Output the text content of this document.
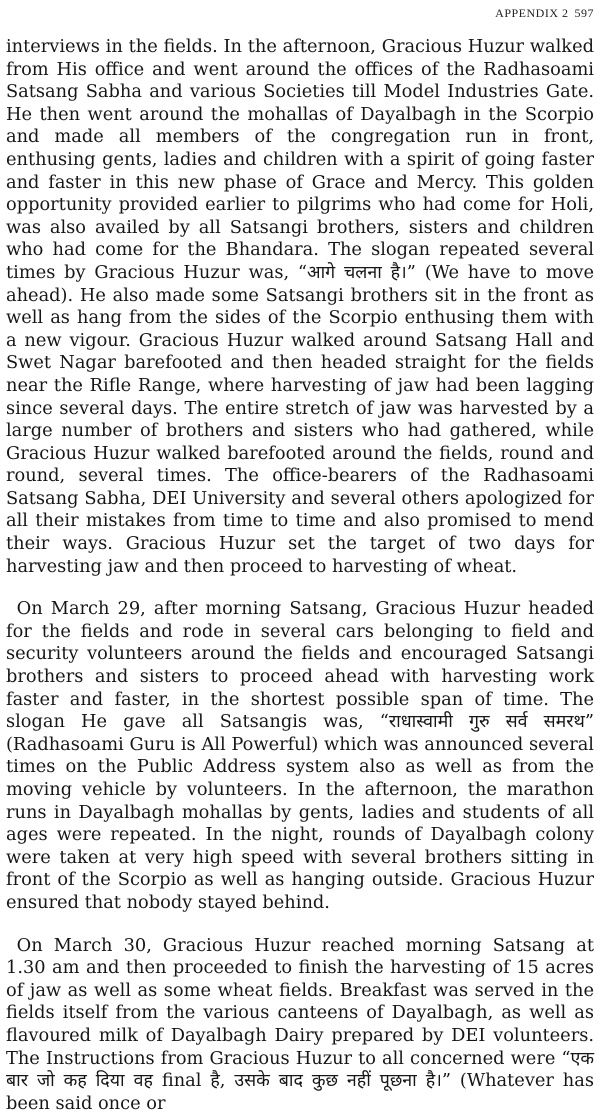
APPENDIX 2 597

interviews in the fields. In the afternoon, Gracious Huzur walked from His office and went around the offices of the Radhasoami Satsang Sabha and various Societies till Model Industries Gate. He then went around the mohallas of Dayalbagh in the Scorpio and made all members of the congregation run in front, enthusing gents, ladies and children with a spirit of going faster and faster in this new phase of Grace and Mercy. This golden opportunity provided earlier to pilgrims who had come for Holi, was also availed by all Satsangi brothers, sisters and children who had come for the Bhandara. The slogan repeated several times by Gracious Huzur was, “आगे चलना है।” (We have to move ahead). He also made some Satsangi brothers sit in the front as well as hang from the sides of the Scorpio enthusing them with a new vigour. Gracious Huzur walked around Satsang Hall and Swet Nagar barefooted and then headed straight for the fields near the Rifle Range, where harvesting of jaw had been lagging since several days. The entire stretch of jaw was harvested by a large number of brothers and sisters who had gathered, while Gracious Huzur walked barefooted around the fields, round and round, several times. The office-bearers of the Radhasoami Satsang Sabha, DEI University and several others apologized for all their mistakes from time to time and also promised to mend their ways. Gracious Huzur set the target of two days for harvesting jaw and then proceed to harvesting of wheat.

On March 29, after morning Satsang, Gracious Huzur headed for the fields and rode in several cars belonging to field and security volunteers around the fields and encouraged Satsangi brothers and sisters to proceed ahead with harvesting work faster and faster, in the shortest possible span of time. The slogan He gave all Satsangis was, “राधास्वामी गुरु सर्व समरथ” (Radhasoami Guru is All Powerful) which was announced several times on the Public Address system also as well as from the moving vehicle by volunteers. In the afternoon, the marathon runs in Dayalbagh mohallas by gents, ladies and students of all ages were repeated. In the night, rounds of Dayalbagh colony were taken at very high speed with several brothers sitting in front of the Scorpio as well as hanging outside. Gracious Huzur ensured that nobody stayed behind.

On March 30, Gracious Huzur reached morning Satsang at 1.30 am and then proceeded to finish the harvesting of 15 acres of jaw as well as some wheat fields. Breakfast was served in the fields itself from the various canteens of Dayalbagh, as well as flavoured milk of Dayalbagh Dairy prepared by DEI volunteers. The Instructions from Gracious Huzur to all concerned were “एक बार जो कह दिया वह final है, उसके बाद कुछ नहीं पूछना है।” (Whatever has been said once or
